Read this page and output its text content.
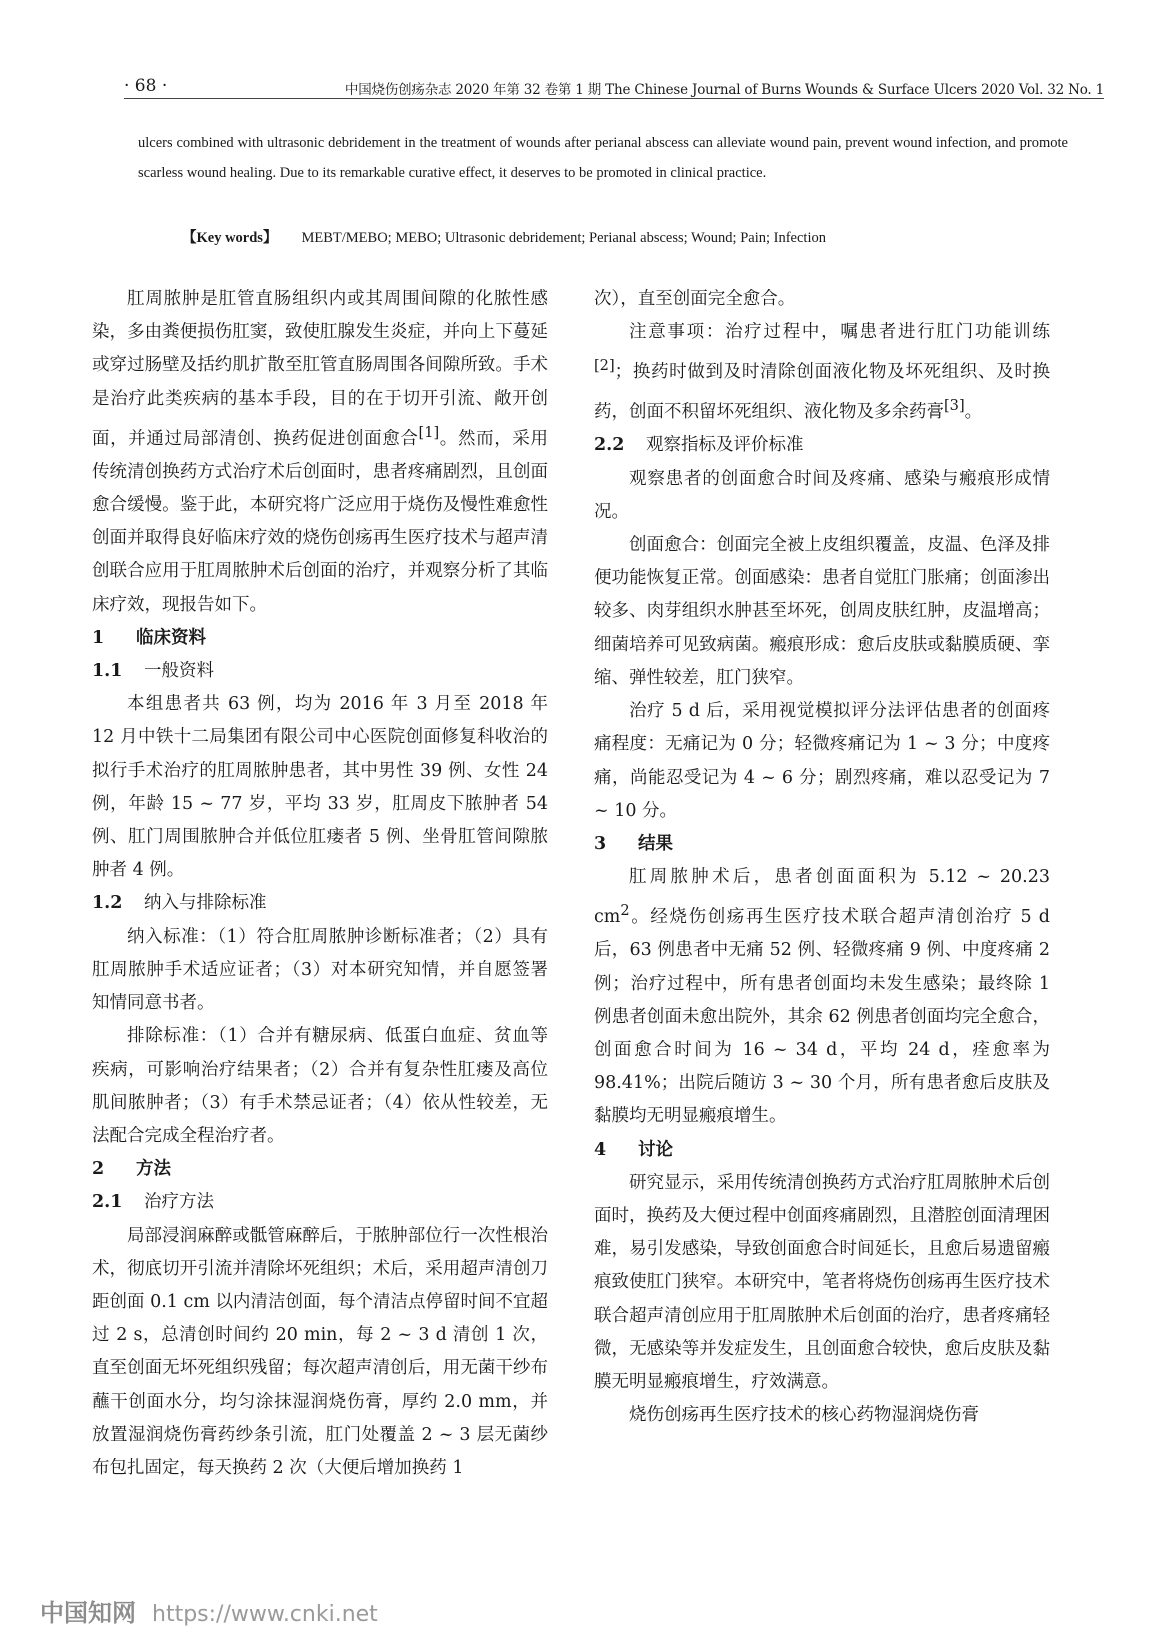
· 68 ·	中国烧伤创疡杂志 2020 年第 32 卷第 1 期 The Chinese Journal of Burns Wounds & Surface Ulcers 2020 Vol. 32 No. 1

ulcers combined with ultrasonic debridement in the treatment of wounds after perianal abscess can alleviate wound pain, prevent wound infection, and promote scarless wound healing. Due to its remarkable curative effect, it deserves to be promoted in clinical practice.

【Key words】 MEBT/MEBO; MEBO; Ultrasonic debridement; Perianal abscess; Wound; Pain; Infection

肛周脓肿是肛管直肠组织内或其周围间隙的化脓性感染，多由粪便损伤肛窦，致使肛腺发生炎症，并向上下蔓延或穿过肠壁及括约肌扩散至肛管直肠周围各间隙所致。手术是治疗此类疾病的基本手段，目的在于切开引流、敞开创面，并通过局部清创、换药促进创面愈合[1]。然而，采用传统清创换药方式治疗术后创面时，患者疼痛剧烈，且创面愈合缓慢。鉴于此，本研究将广泛应用于烧伤及慢性难愈性创面并取得良好临床疗效的烧伤创疡再生医疗技术与超声清创联合应用于肛周脓肿术后创面的治疗，并观察分析了其临床疗效，现报告如下。

1 临床资料
1.1 一般资料

本组患者共 63 例，均为 2016 年 3 月至 2018 年 12 月中铁十二局集团有限公司中心医院创面修复科收治的拟行手术治疗的肛周脓肿患者，其中男性 39 例、女性 24 例，年龄 15 ~ 77 岁，平均 33 岁，肛周皮下脓肿者 54 例、肛门周围脓肿合并低位肛瘘者 5 例、坐骨肛管间隙脓肿者 4 例。

1.2 纳入与排除标准

纳入标准：（1）符合肛周脓肿诊断标准者；（2）具有肛周脓肿手术适应证者；（3）对本研究知情，并自愿签署知情同意书者。

排除标准：（1）合并有糖尿病、低蛋白血症、贫血等疾病，可影响治疗结果者；（2）合并有复杂性肛瘘及高位肌间脓肿者；（3）有手术禁忌证者；（4）依从性较差，无法配合完成全程治疗者。

2 方法
2.1 治疗方法

局部浸润麻醉或骶管麻醉后，于脓肿部位行一次性根治术，彻底切开引流并清除坏死组织；术后，采用超声清创刀距创面 0.1 cm 以内清洁创面，每个清洁点停留时间不宜超过 2 s，总清创时间约 20 min，每 2 ~ 3 d 清创 1 次，直至创面无坏死组织残留；每次超声清创后，用无菌干纱布蘸干创面水分，均匀涂抹湿润烧伤膏，厚约 2.0 mm，并放置湿润烧伤膏药纱条引流，肛门处覆盖 2 ~ 3 层无菌纱布包扎固定，每天换药 2 次（大便后增加换药 1

次），直至创面完全愈合。

注意事项：治疗过程中，嘱患者进行肛门功能训练[2]；换药时做到及时清除创面液化物及坏死组织、及时换药，创面不积留坏死组织、液化物及多余药膏[3]。

2.2 观察指标及评价标准

观察患者的创面愈合时间及疼痛、感染与瘢痕形成情况。

创面愈合：创面完全被上皮组织覆盖，皮温、色泽及排便功能恢复正常。创面感染：患者自觉肛门胀痛；创面渗出较多、肉芽组织水肿甚至坏死，创周皮肤红肿，皮温增高；细菌培养可见致病菌。瘢痕形成：愈后皮肤或黏膜质硬、挛缩、弹性较差，肛门狭窄。

治疗 5 d 后，采用视觉模拟评分法评估患者的创面疼痛程度：无痛记为 0 分；轻微疼痛记为 1 ~ 3 分；中度疼痛，尚能忍受记为 4 ~ 6 分；剧烈疼痛，难以忍受记为 7 ~ 10 分。

3 结果

肛周脓肿术后，患者创面面积为 5.12 ~ 20.23 $cm^2$。经烧伤创疡再生医疗技术联合超声清创治疗 5 d 后，63 例患者中无痛 52 例、轻微疼痛 9 例、中度疼痛 2 例；治疗过程中，所有患者创面均未发生感染；最终除 1 例患者创面未愈出院外，其余 62 例患者创面均完全愈合，创面愈合时间为 16 ~ 34 d，平均 24 d，痊愈率为 98.41%；出院后随访 3 ~ 30 个月，所有患者愈后皮肤及黏膜均无明显瘢痕增生。

4 讨论

研究显示，采用传统清创换药方式治疗肛周脓肿术后创面时，换药及大便过程中创面疼痛剧烈，且潜腔创面清理困难，易引发感染，导致创面愈合时间延长，且愈后易遗留瘢痕致使肛门狭窄。本研究中，笔者将烧伤创疡再生医疗技术联合超声清创应用于肛周脓肿术后创面的治疗，患者疼痛轻微，无感染等并发症发生，且创面愈合较快，愈后皮肤及黏膜无明显瘢痕增生，疗效满意。

烧伤创疡再生医疗技术的核心药物湿润烧伤膏

中国知网 https://www.cnki.net
